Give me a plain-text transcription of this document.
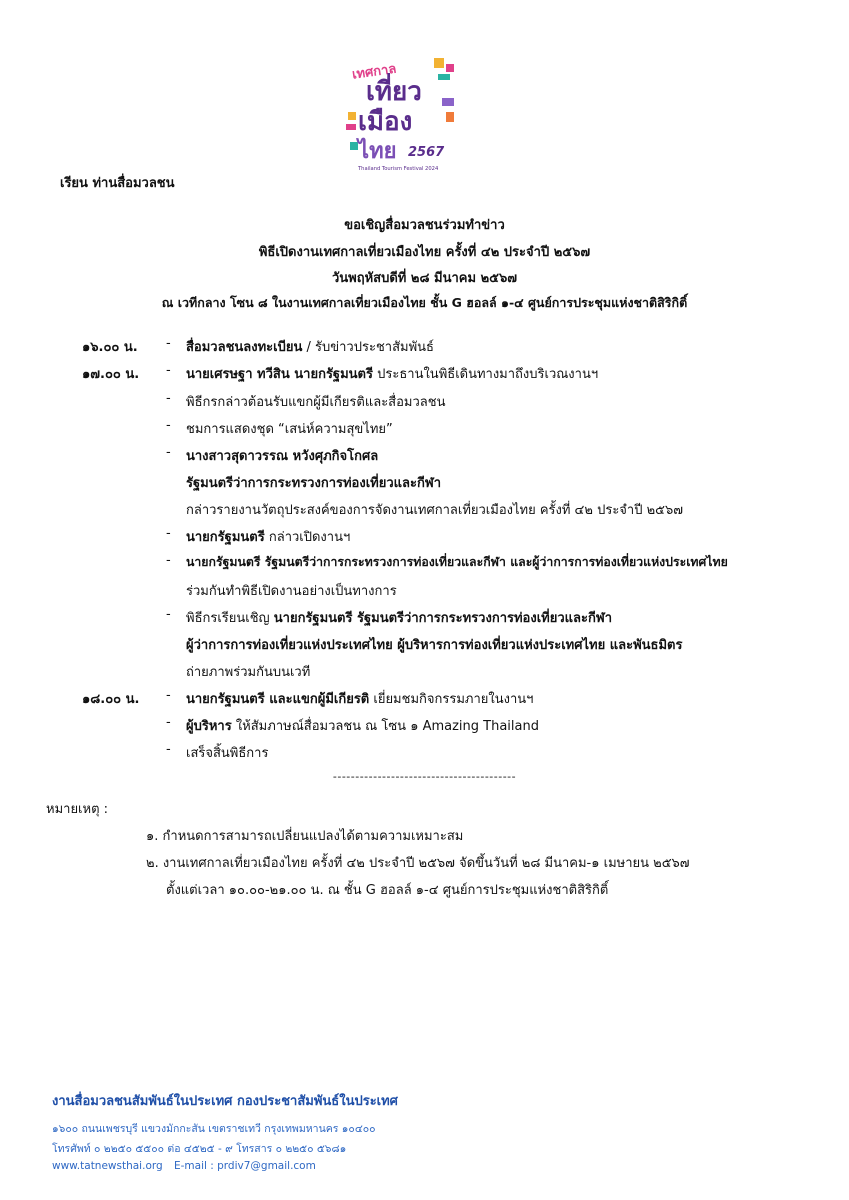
เทศกาล
เที่ยว
เมือง
ไทย 2567
Thailand Tourism Festival 2024
เรียน ท่านสื่อมวลชน
ขอเชิญสื่อมวลชนร่วมทำข่าว
พิธีเปิดงานเทศกาลเที่ยวเมืองไทย ครั้งที่ ๔๒ ประจำปี ๒๕๖๗
วันพฤหัสบดีที่ ๒๘ มีนาคม ๒๕๖๗
ณ เวทีกลาง โซน ๘ ในงานเทศกาลเที่ยวเมืองไทย ชั้น G ฮอลล์ ๑-๔ ศูนย์การประชุมแห่งชาติสิริกิติ์
๑๖.๐๐ น. - สื่อมวลชนลงทะเบียน / รับข่าวประชาสัมพันธ์
๑๗.๐๐ น. - นายเศรษฐา ทวีสิน นายกรัฐมนตรี ประธานในพิธีเดินทางมาถึงบริเวณงานฯ
- พิธีกรกล่าวต้อนรับแขกผู้มีเกียรติและสื่อมวลชน
- ชมการแสดงชุด “เสน่ห์ความสุขไทย”
- นางสาวสุดาวรรณ หวังศุภกิจโกศล
รัฐมนตรีว่าการกระทรวงการท่องเที่ยวและกีฬา
กล่าวรายงานวัตถุประสงค์ของการจัดงานเทศกาลเที่ยวเมืองไทย ครั้งที่ ๔๒ ประจำปี ๒๕๖๗
- นายกรัฐมนตรี กล่าวเปิดงานฯ
- นายกรัฐมนตรี รัฐมนตรีว่าการกระทรวงการท่องเที่ยวและกีฬา และผู้ว่าการการท่องเที่ยวแห่งประเทศไทย
ร่วมกันทำพิธีเปิดงานอย่างเป็นทางการ
- พิธีกรเรียนเชิญ นายกรัฐมนตรี รัฐมนตรีว่าการกระทรวงการท่องเที่ยวและกีฬา
ผู้ว่าการการท่องเที่ยวแห่งประเทศไทย ผู้บริหารการท่องเที่ยวแห่งประเทศไทย และพันธมิตร
ถ่ายภาพร่วมกันบนเวที
๑๘.๐๐ น. - นายกรัฐมนตรี และแขกผู้มีเกียรติ เยี่ยมชมกิจกรรมภายในงานฯ
- ผู้บริหาร ให้สัมภาษณ์สื่อมวลชน ณ โซน ๑ Amazing Thailand
- เสร็จสิ้นพิธีการ
-----------------------------------------
หมายเหตุ :
๑. กำหนดการสามารถเปลี่ยนแปลงได้ตามความเหมาะสม
๒. งานเทศกาลเที่ยวเมืองไทย ครั้งที่ ๔๒ ประจำปี ๒๕๖๗ จัดขึ้นวันที่ ๒๘ มีนาคม-๑ เมษายน ๒๕๖๗
ตั้งแต่เวลา ๑๐.๐๐-๒๑.๐๐ น. ณ ชั้น G ฮอลล์ ๑-๔ ศูนย์การประชุมแห่งชาติสิริกิติ์
งานสื่อมวลชนสัมพันธ์ในประเทศ กองประชาสัมพันธ์ในประเทศ
๑๖๐๐ ถนนเพชรบุรี แขวงมักกะสัน เขตราชเทวี กรุงเทพมหานคร ๑๐๔๐๐
โทรศัพท์ ๐ ๒๒๕๐ ๕๕๐๐ ต่อ ๔๕๒๕ - ๙ โทรสาร ๐ ๒๒๕๐ ๕๖๘๑
www.tatnewsthai.org E-mail : prdiv7@gmail.com
